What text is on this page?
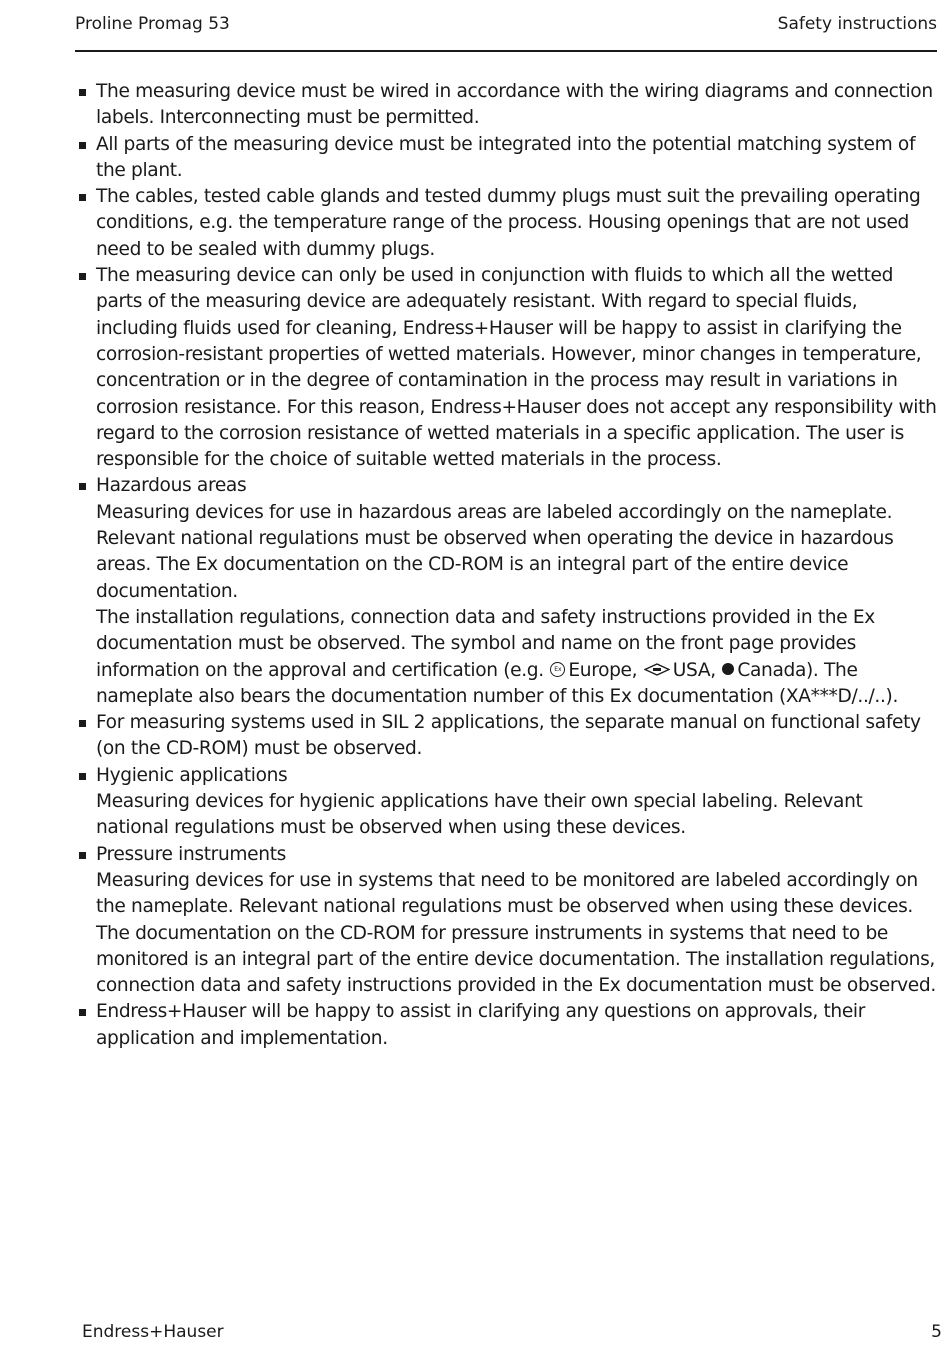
Proline Promag 53	Safety instructions
The measuring device must be wired in accordance with the wiring diagrams and connection labels. Interconnecting must be permitted.
All parts of the measuring device must be integrated into the potential matching system of the plant.
The cables, tested cable glands and tested dummy plugs must suit the prevailing operating conditions, e.g. the temperature range of the process. Housing openings that are not used need to be sealed with dummy plugs.
The measuring device can only be used in conjunction with fluids to which all the wetted parts of the measuring device are adequately resistant. With regard to special fluids, including fluids used for cleaning, Endress+Hauser will be happy to assist in clarifying the corrosion-resistant properties of wetted materials. However, minor changes in temperature, concentration or in the degree of contamination in the process may result in variations in corrosion resistance. For this reason, Endress+Hauser does not accept any responsibility with regard to the corrosion resistance of wetted materials in a specific application. The user is responsible for the choice of suitable wetted materials in the process.
Hazardous areas
Measuring devices for use in hazardous areas are labeled accordingly on the nameplate. Relevant national regulations must be observed when operating the device in hazardous areas. The Ex documentation on the CD-ROM is an integral part of the entire device documentation.
The installation regulations, connection data and safety instructions provided in the Ex documentation must be observed. The symbol and name on the front page provides information on the approval and certification (e.g. Ex Europe, USA, Canada). The nameplate also bears the documentation number of this Ex documentation (XA***D/../..).
For measuring systems used in SIL 2 applications, the separate manual on functional safety (on the CD-ROM) must be observed.
Hygienic applications
Measuring devices for hygienic applications have their own special labeling. Relevant national regulations must be observed when using these devices.
Pressure instruments
Measuring devices for use in systems that need to be monitored are labeled accordingly on the nameplate. Relevant national regulations must be observed when using these devices. The documentation on the CD-ROM for pressure instruments in systems that need to be monitored is an integral part of the entire device documentation. The installation regulations, connection data and safety instructions provided in the Ex documentation must be observed.
Endress+Hauser will be happy to assist in clarifying any questions on approvals, their application and implementation.
Endress+Hauser	5
